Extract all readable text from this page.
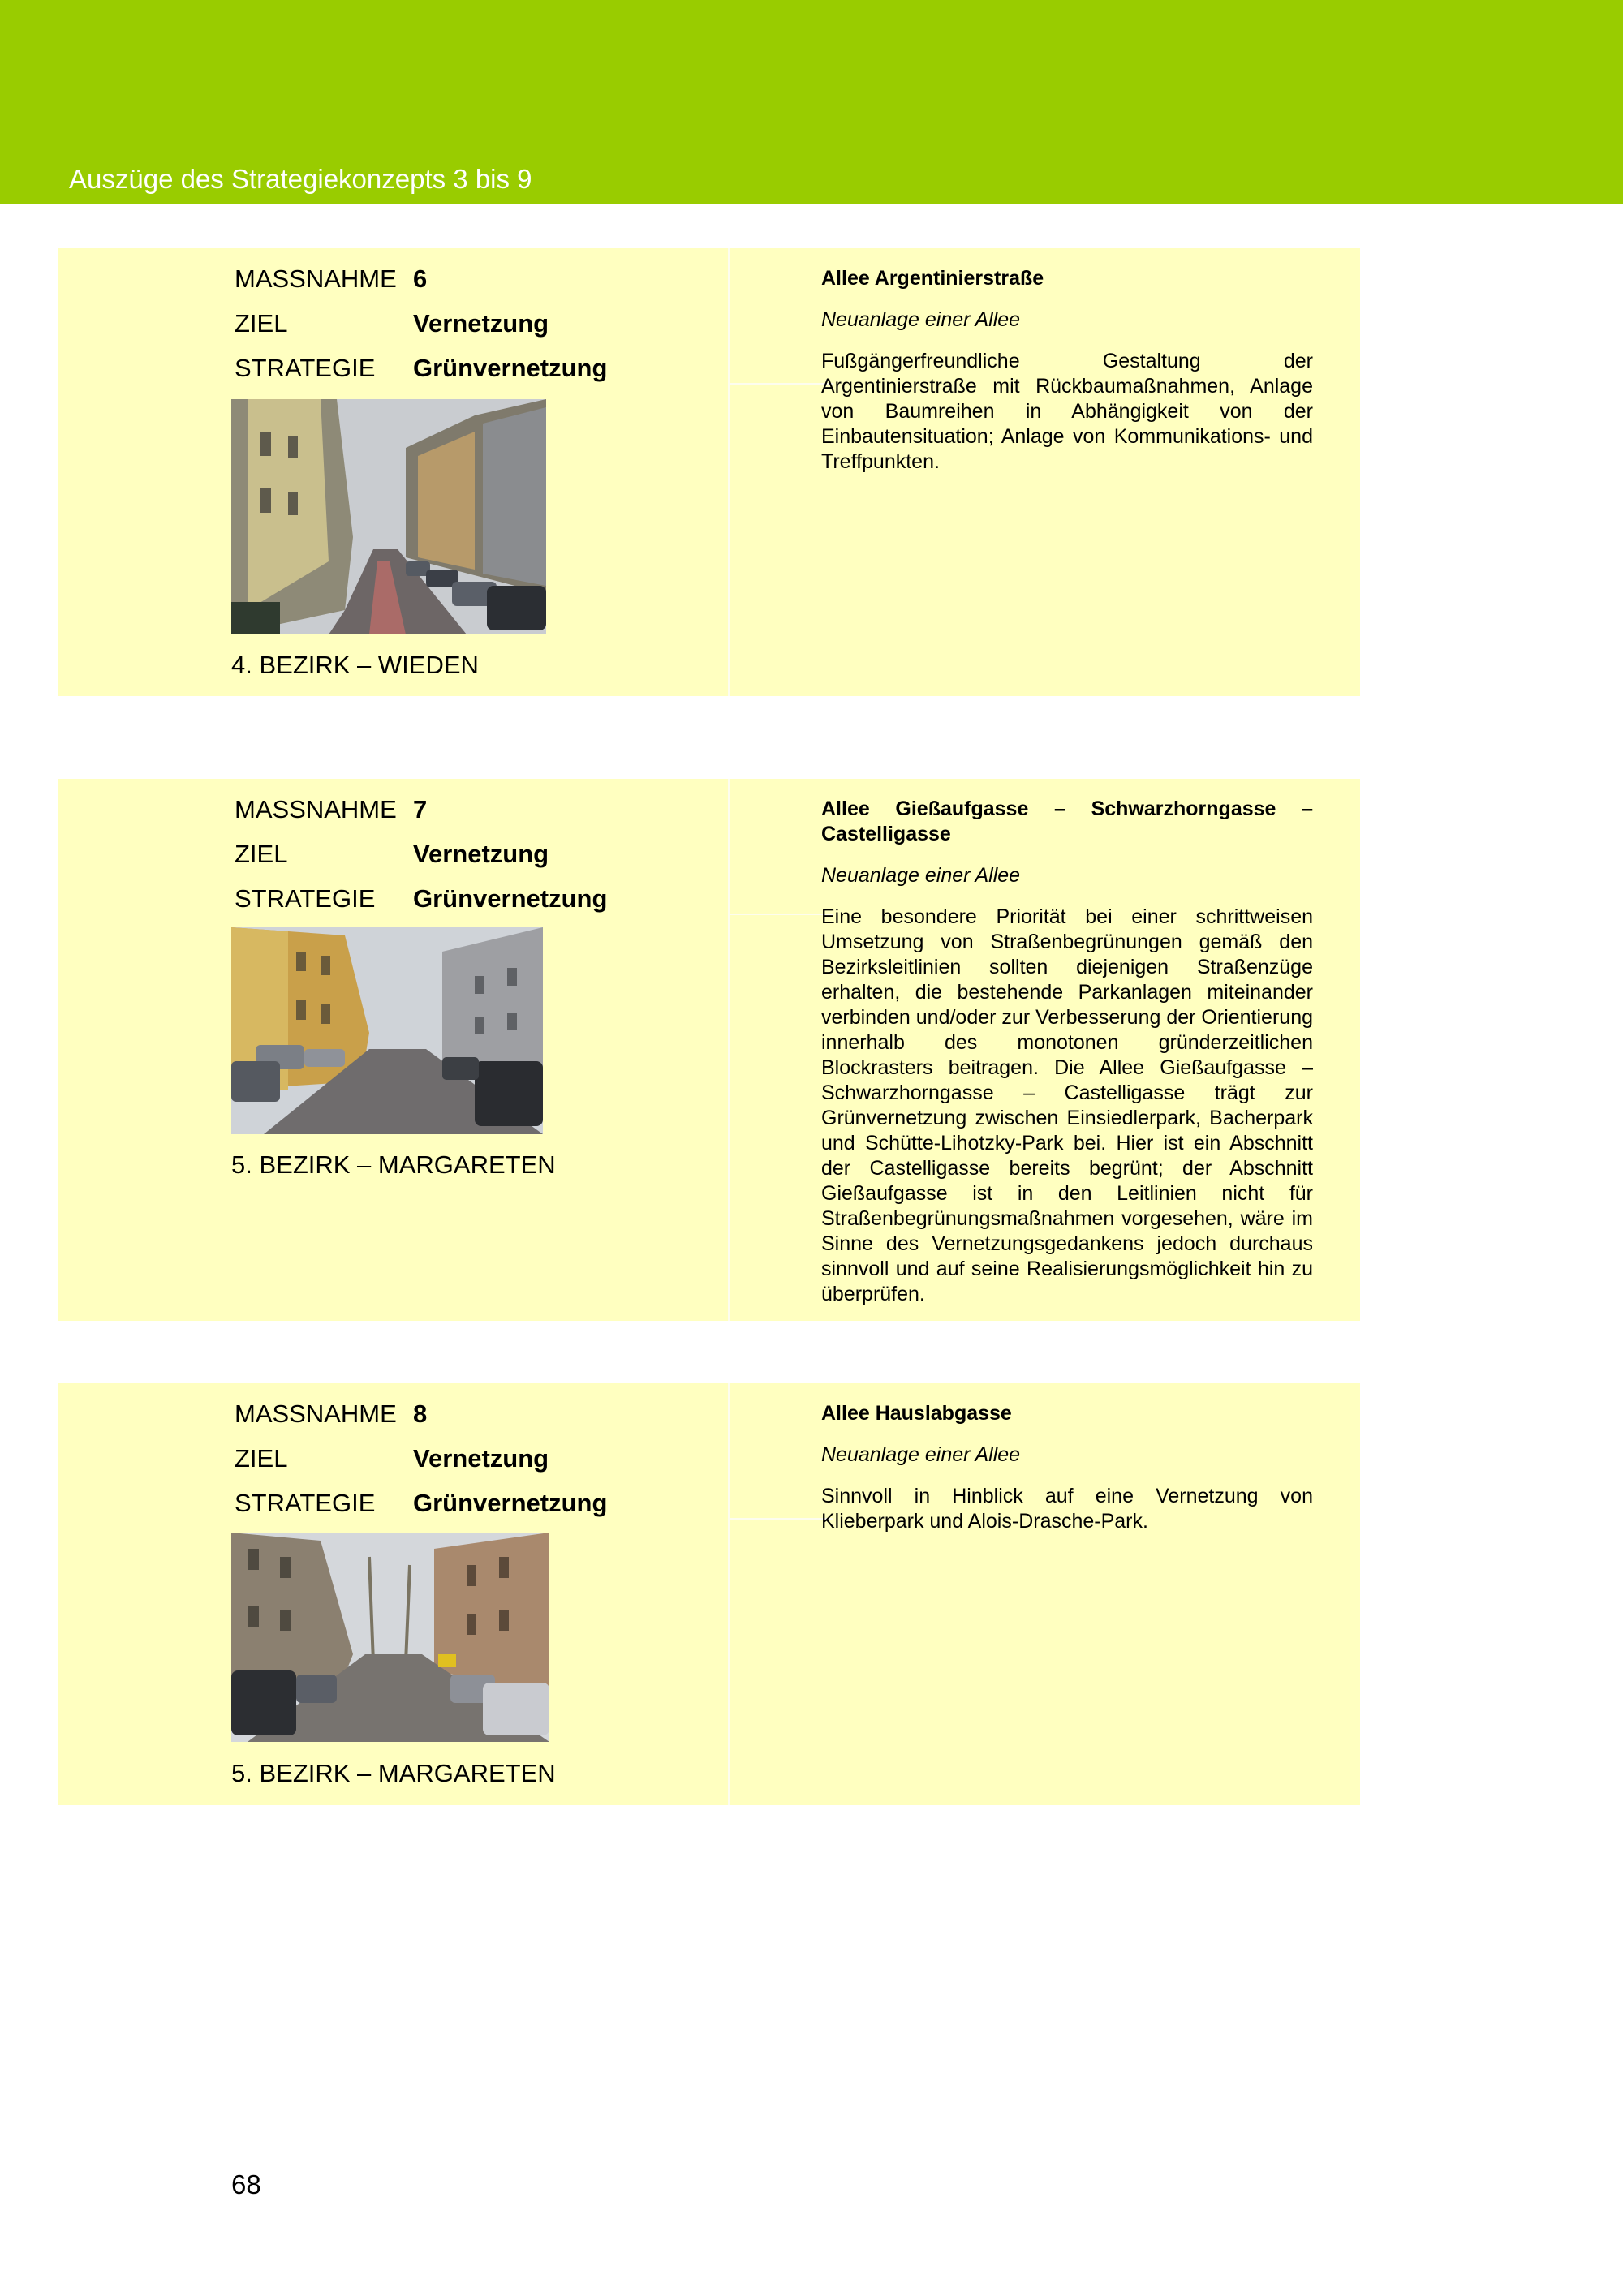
Auszüge des Strategiekonzepts 3 bis 9
MASSNAHME 6
ZIEL	Vernetzung
STRATEGIE Grünvernetzung
4. BEZIRK – WIEDEN
Allee Argentinierstraße
Neuanlage einer Allee
Fußgängerfreundliche Gestaltung der Argentinierstraße mit Rückbaumaßnahmen, Anlage von Baumreihen in Abhängigkeit von der Einbautensituation; Anlage von Kommunikations- und Treffpunkten.
MASSNAHME 7
ZIEL	Vernetzung
STRATEGIE Grünvernetzung
5. BEZIRK – MARGARETEN
Allee Gießaufgasse – Schwarzhorngasse – Castelligasse
Neuanlage einer Allee
Eine besondere Priorität bei einer schrittweisen Umsetzung von Straßenbegrünungen gemäß den Bezirksleitlinien sollten diejenigen Straßenzüge erhalten, die bestehende Parkanlagen miteinander verbinden und/oder zur Verbesserung der Orientierung innerhalb des monotonen gründerzeitlichen Blockrasters beitragen. Die Allee Gießaufgasse – Schwarzhorngasse – Castelligasse trägt zur Grünvernetzung zwischen Einsiedlerpark, Bacherpark und Schütte-Lihotzky-Park bei. Hier ist ein Abschnitt der Castelligasse bereits begrünt; der Abschnitt Gießaufgasse ist in den Leitlinien nicht für Straßenbegrünungsmaßnahmen vorgesehen, wäre im Sinne des Vernetzungsgedankens jedoch durchaus sinnvoll und auf seine Realisierungsmöglichkeit hin zu überprüfen.
MASSNAHME 8
ZIEL	Vernetzung
STRATEGIE Grünvernetzung
5. BEZIRK – MARGARETEN
Allee Hauslabgasse
Neuanlage einer Allee
Sinnvoll in Hinblick auf eine Vernetzung von Klieberpark und Alois-Drasche-Park.
68
